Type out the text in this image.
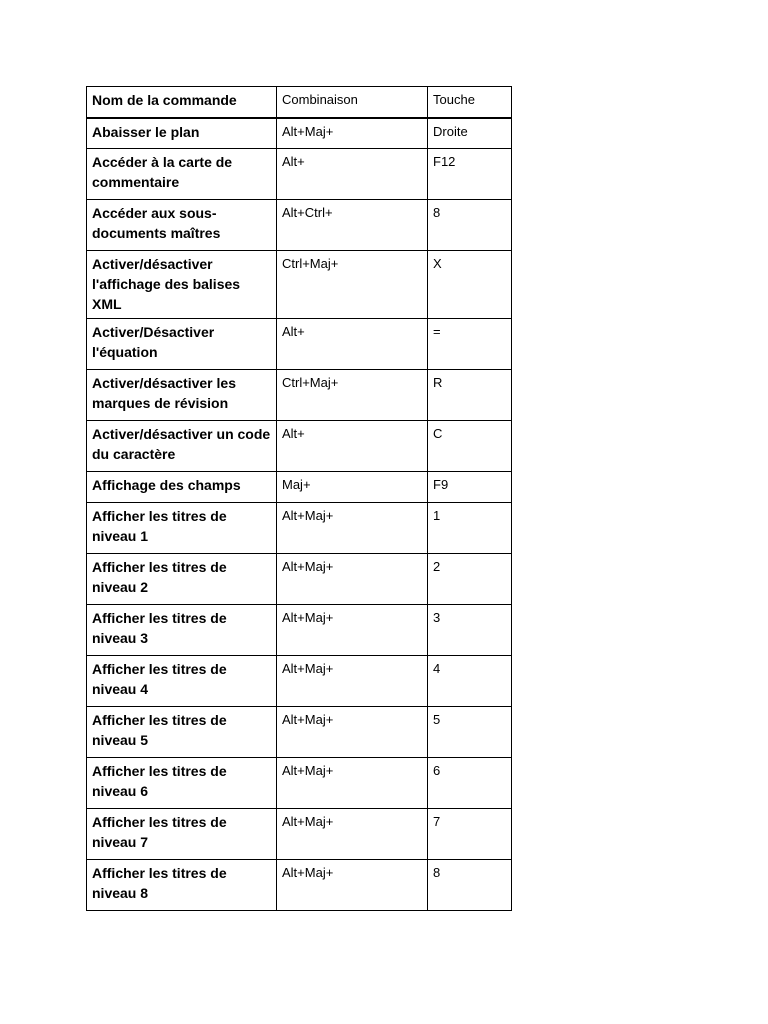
Nom de la commande	Combinaison	Touche
Abaisser le plan	Alt+Maj+	Droite
Accéder à la carte de commentaire	Alt+	F12
Accéder aux sous-documents maîtres	Alt+Ctrl+	8
Activer/désactiver l'affichage des balises XML	Ctrl+Maj+	X
Activer/Désactiver l'équation	Alt+	=
Activer/désactiver les marques de révision	Ctrl+Maj+	R
Activer/désactiver un code du caractère	Alt+	C
Affichage des champs	Maj+	F9
Afficher les titres de niveau 1	Alt+Maj+	1
Afficher les titres de niveau 2	Alt+Maj+	2
Afficher les titres de niveau 3	Alt+Maj+	3
Afficher les titres de niveau 4	Alt+Maj+	4
Afficher les titres de niveau 5	Alt+Maj+	5
Afficher les titres de niveau 6	Alt+Maj+	6
Afficher les titres de niveau 7	Alt+Maj+	7
Afficher les titres de niveau 8	Alt+Maj+	8
